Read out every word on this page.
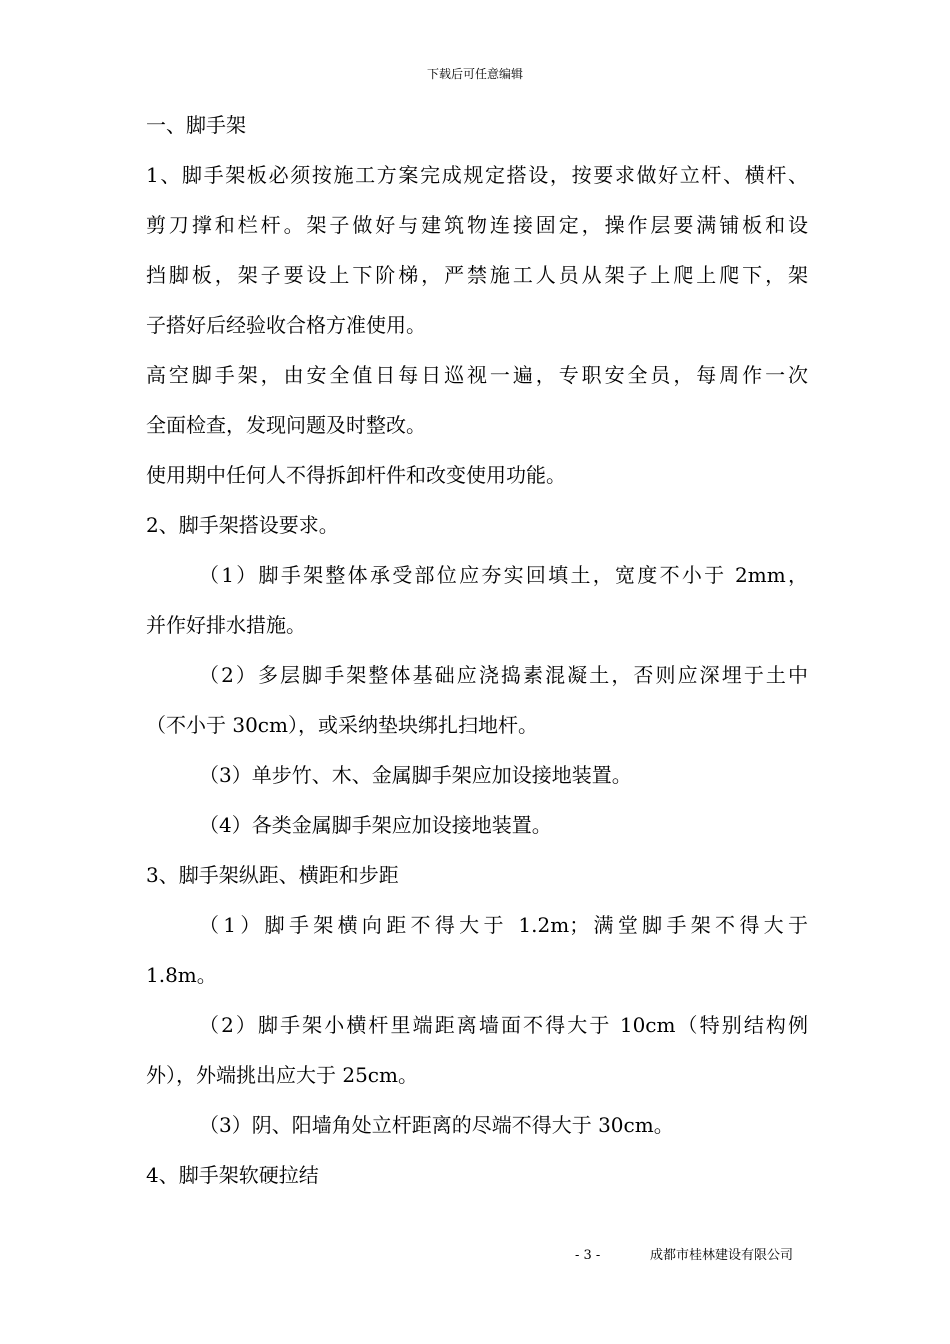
下载后可任意编辑
一、脚手架
1、脚手架板必须按施工方案完成规定搭设，按要求做好立杆、横杆、
剪刀撑和栏杆。架子做好与建筑物连接固定，操作层要满铺板和设
挡脚板，架子要设上下阶梯，严禁施工人员从架子上爬上爬下，架
子搭好后经验收合格方准使用。
高空脚手架，由安全值日每日巡视一遍，专职安全员，每周作一次
全面检查，发现问题及时整改。
使用期中任何人不得拆卸杆件和改变使用功能。
2、脚手架搭设要求。
（1）脚手架整体承受部位应夯实回填土，宽度不小于 2mm，
并作好排水措施。
（2）多层脚手架整体基础应浇捣素混凝土，否则应深埋于土中
（不小于 30cm），或采纳垫块绑扎扫地杆。
（3）单步竹、木、金属脚手架应加设接地装置。
（4）各类金属脚手架应加设接地装置。
3、脚手架纵距、横距和步距
（1）脚手架横向距不得大于 1.2m；满堂脚手架不得大于
1.8m。
（2）脚手架小横杆里端距离墙面不得大于 10cm（特别结构例
外），外端挑出应大于 25cm。
（3）阴、阳墙角处立杆距离的尽端不得大于 30cm。
4、脚手架软硬拉结
- 3 -	成都市桂林建设有限公司
